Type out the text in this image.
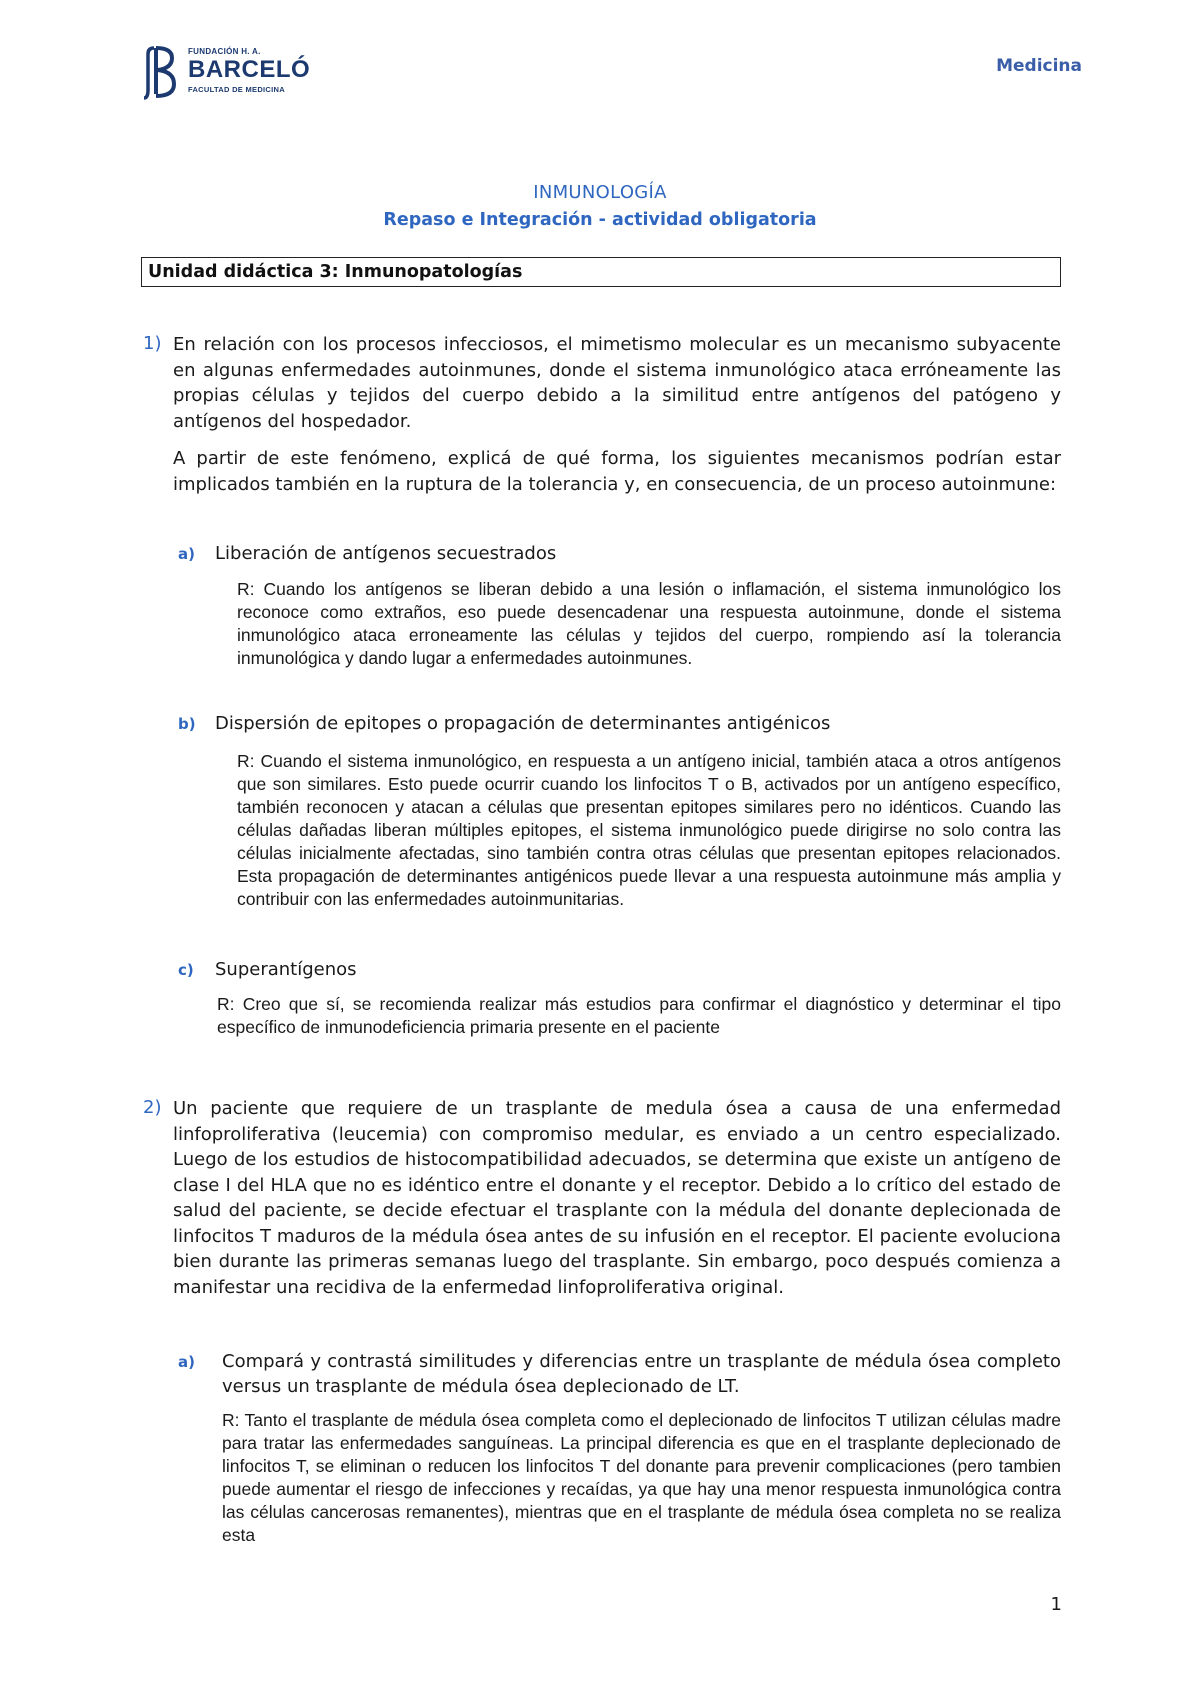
FUNDACIÓN H. A.
BARCELÓ
FACULTAD DE MEDICINA
Medicina
INMUNOLOGÍA
Repaso e Integración - actividad obligatoria
Unidad didáctica 3: Inmunopatologías
1) En relación con los procesos infecciosos, el mimetismo molecular es un mecanismo subyacente en algunas enfermedades autoinmunes, donde el sistema inmunológico ataca erróneamente las propias células y tejidos del cuerpo debido a la similitud entre antígenos del patógeno y antígenos del hospedador.

A partir de este fenómeno, explicá de qué forma, los siguientes mecanismos podrían estar implicados también en la ruptura de la tolerancia y, en consecuencia, de un proceso autoinmune:

a) Liberación de antígenos secuestrados

R: Cuando los antígenos se liberan debido a una lesión o inflamación, el sistema inmunológico los reconoce como extraños, eso puede desencadenar una respuesta autoinmune, donde el sistema inmunológico ataca erroneamente las células y tejidos del cuerpo, rompiendo así la tolerancia inmunológica y dando lugar a enfermedades autoinmunes.

b) Dispersión de epitopes o propagación de determinantes antigénicos

R: Cuando el sistema inmunológico, en respuesta a un antígeno inicial, también ataca a otros antígenos que son similares. Esto puede ocurrir cuando los linfocitos T o B, activados por un antígeno específico, también reconocen y atacan a células que presentan epitopes similares pero no idénticos. Cuando las células dañadas liberan múltiples epitopes, el sistema inmunológico puede dirigirse no solo contra las células inicialmente afectadas, sino también contra otras células que presentan epitopes relacionados. Esta propagación de determinantes antigénicos puede llevar a una respuesta autoinmune más amplia y contribuir con las enfermedades autoinmunitarias.

c) Superantígenos

R: Creo que sí, se recomienda realizar más estudios para confirmar el diagnóstico y determinar el tipo específico de inmunodeficiencia primaria presente en el paciente

2) Un paciente que requiere de un trasplante de medula ósea a causa de una enfermedad linfoproliferativa (leucemia) con compromiso medular, es enviado a un centro especializado. Luego de los estudios de histocompatibilidad adecuados, se determina que existe un antígeno de clase I del HLA que no es idéntico entre el donante y el receptor. Debido a lo crítico del estado de salud del paciente, se decide efectuar el trasplante con la médula del donante deplecionada de linfocitos T maduros de la médula ósea antes de su infusión en el receptor. El paciente evoluciona bien durante las primeras semanas luego del trasplante. Sin embargo, poco después comienza a manifestar una recidiva de la enfermedad linfoproliferativa original.

a) Compará y contrastá similitudes y diferencias entre un trasplante de médula ósea completo versus un trasplante de médula ósea deplecionado de LT.

R: Tanto el trasplante de médula ósea completa como el deplecionado de linfocitos T utilizan células madre para tratar las enfermedades sanguíneas. La principal diferencia es que en el trasplante deplecionado de linfocitos T, se eliminan o reducen los linfocitos T del donante para prevenir complicaciones (pero tambien puede aumentar el riesgo de infecciones y recaídas, ya que hay una menor respuesta inmunológica contra las células cancerosas remanentes), mientras que en el trasplante de médula ósea completa no se realiza esta

1
